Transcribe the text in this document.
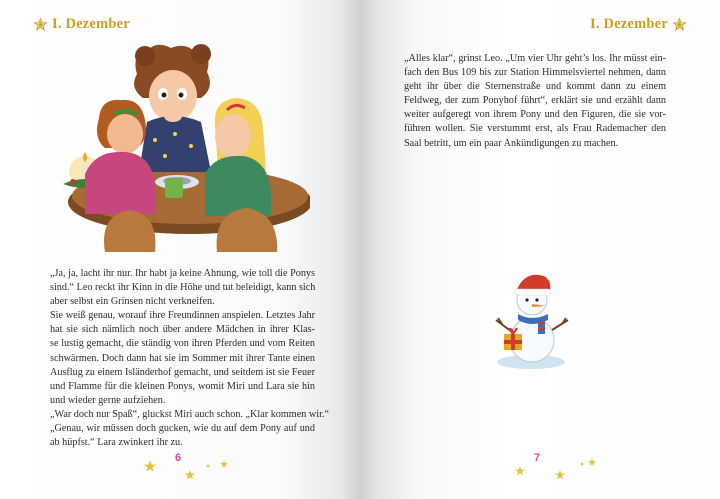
I. Dezember

„Ja, ja, lacht ihr nur. Ihr habt ja keine Ahnung, wie toll die Ponys

sind.“ Leo reckt ihr Kinn in die Höhe und tut beleidigt, kann sich

aber selbst ein Grinsen nicht verkneifen.

Sie weiß genau, worauf ihre Freundinnen anspielen. Letztes Jahr

hat sie sich nämlich noch über andere Mädchen in ihrer Klas-

se lustig gemacht, die ständig von ihren Pferden und vom Reiten

schwärmen. Doch dann hat sie im Sommer mit ihrer Tante einen

Ausflug zu einem Isländerhof gemacht, und seitdem ist sie Feuer

und Flamme für die kleinen Ponys, womit Miri und Lara sie hin

und wieder gerne aufziehen.

„War doch nur Spaß“, gluckst Miri auch schon. „Klar kommen wir.“

„Genau, wir müssen doch gucken, wie du auf dem Pony auf und

ab hüpfst.“ Lara zwinkert ihr zu.

6
I. Dezember

„Alles klar“, grinst Leo. „Um vier Uhr geht’s los. Ihr müsst ein-

fach den Bus 109 bis zur Station Himmelsviertel nehmen, dann

geht ihr über die Sternenstraße und kommt dann zu einem

Feldweg, der zum Ponyhof führt“, erklärt sie und erzählt dann

weiter aufgeregt von ihrem Pony und den Figuren, die sie vor-

führen wollen. Sie verstummt erst, als Frau Rademacher den

Saal betritt, um ein paar Ankündigungen zu machen.

7
